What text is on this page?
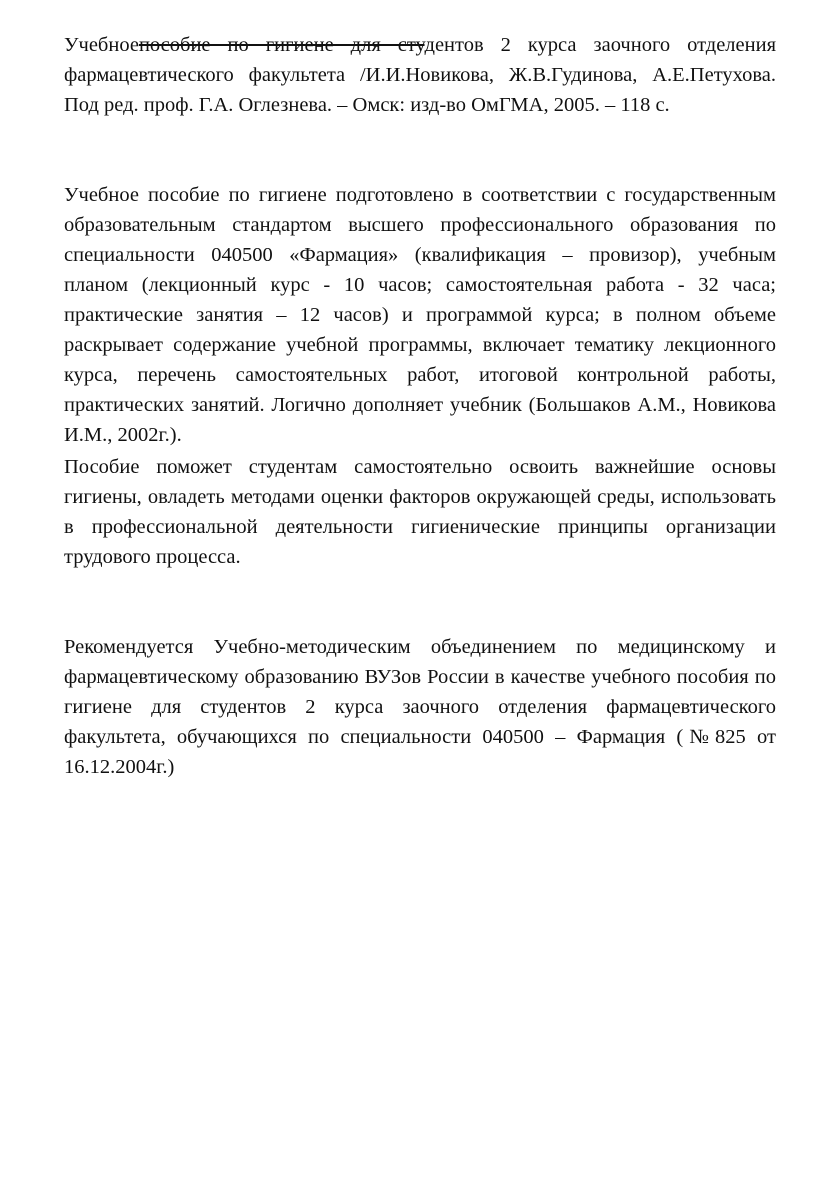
Учебноепособие по гигиене для студентов 2 курса заочного отделения фармацевтического факультета /И.И.Новикова, Ж.В.Гудинова, А.Е.Петухова. Под ред. проф. Г.А. Оглезнева. – Омск: изд-во ОмГМА, 2005. – 118 с.

Учебное пособие по гигиене подготовлено в соответствии с государственным образовательным стандартом высшего профессионального образования по специальности 040500 «Фармация» (квалификация – провизор), учебным планом (лекционный курс - 10 часов; самостоятельная работа - 32 часа; практические занятия – 12 часов) и программой курса; в полном объеме раскрывает содержание учебной программы, включает тематику лекционного курса, перечень самостоятельных работ, итоговой контрольной работы, практических занятий. Логично дополняет учебник (Большаков А.М., Новикова И.М., 2002г.).

Пособие поможет студентам самостоятельно освоить важнейшие основы гигиены, овладеть методами оценки факторов окружающей среды, использовать в профессиональной деятельности гигиенические принципы организации трудового процесса.

Рекомендуется Учебно-методическим объединением по медицинскому и фармацевтическому образованию ВУЗов России в качестве учебного пособия по гигиене для студентов 2 курса заочного отделения фармацевтического факультета, обучающихся по специальности 040500 – Фармация (№825 от 16.12.2004г.)
